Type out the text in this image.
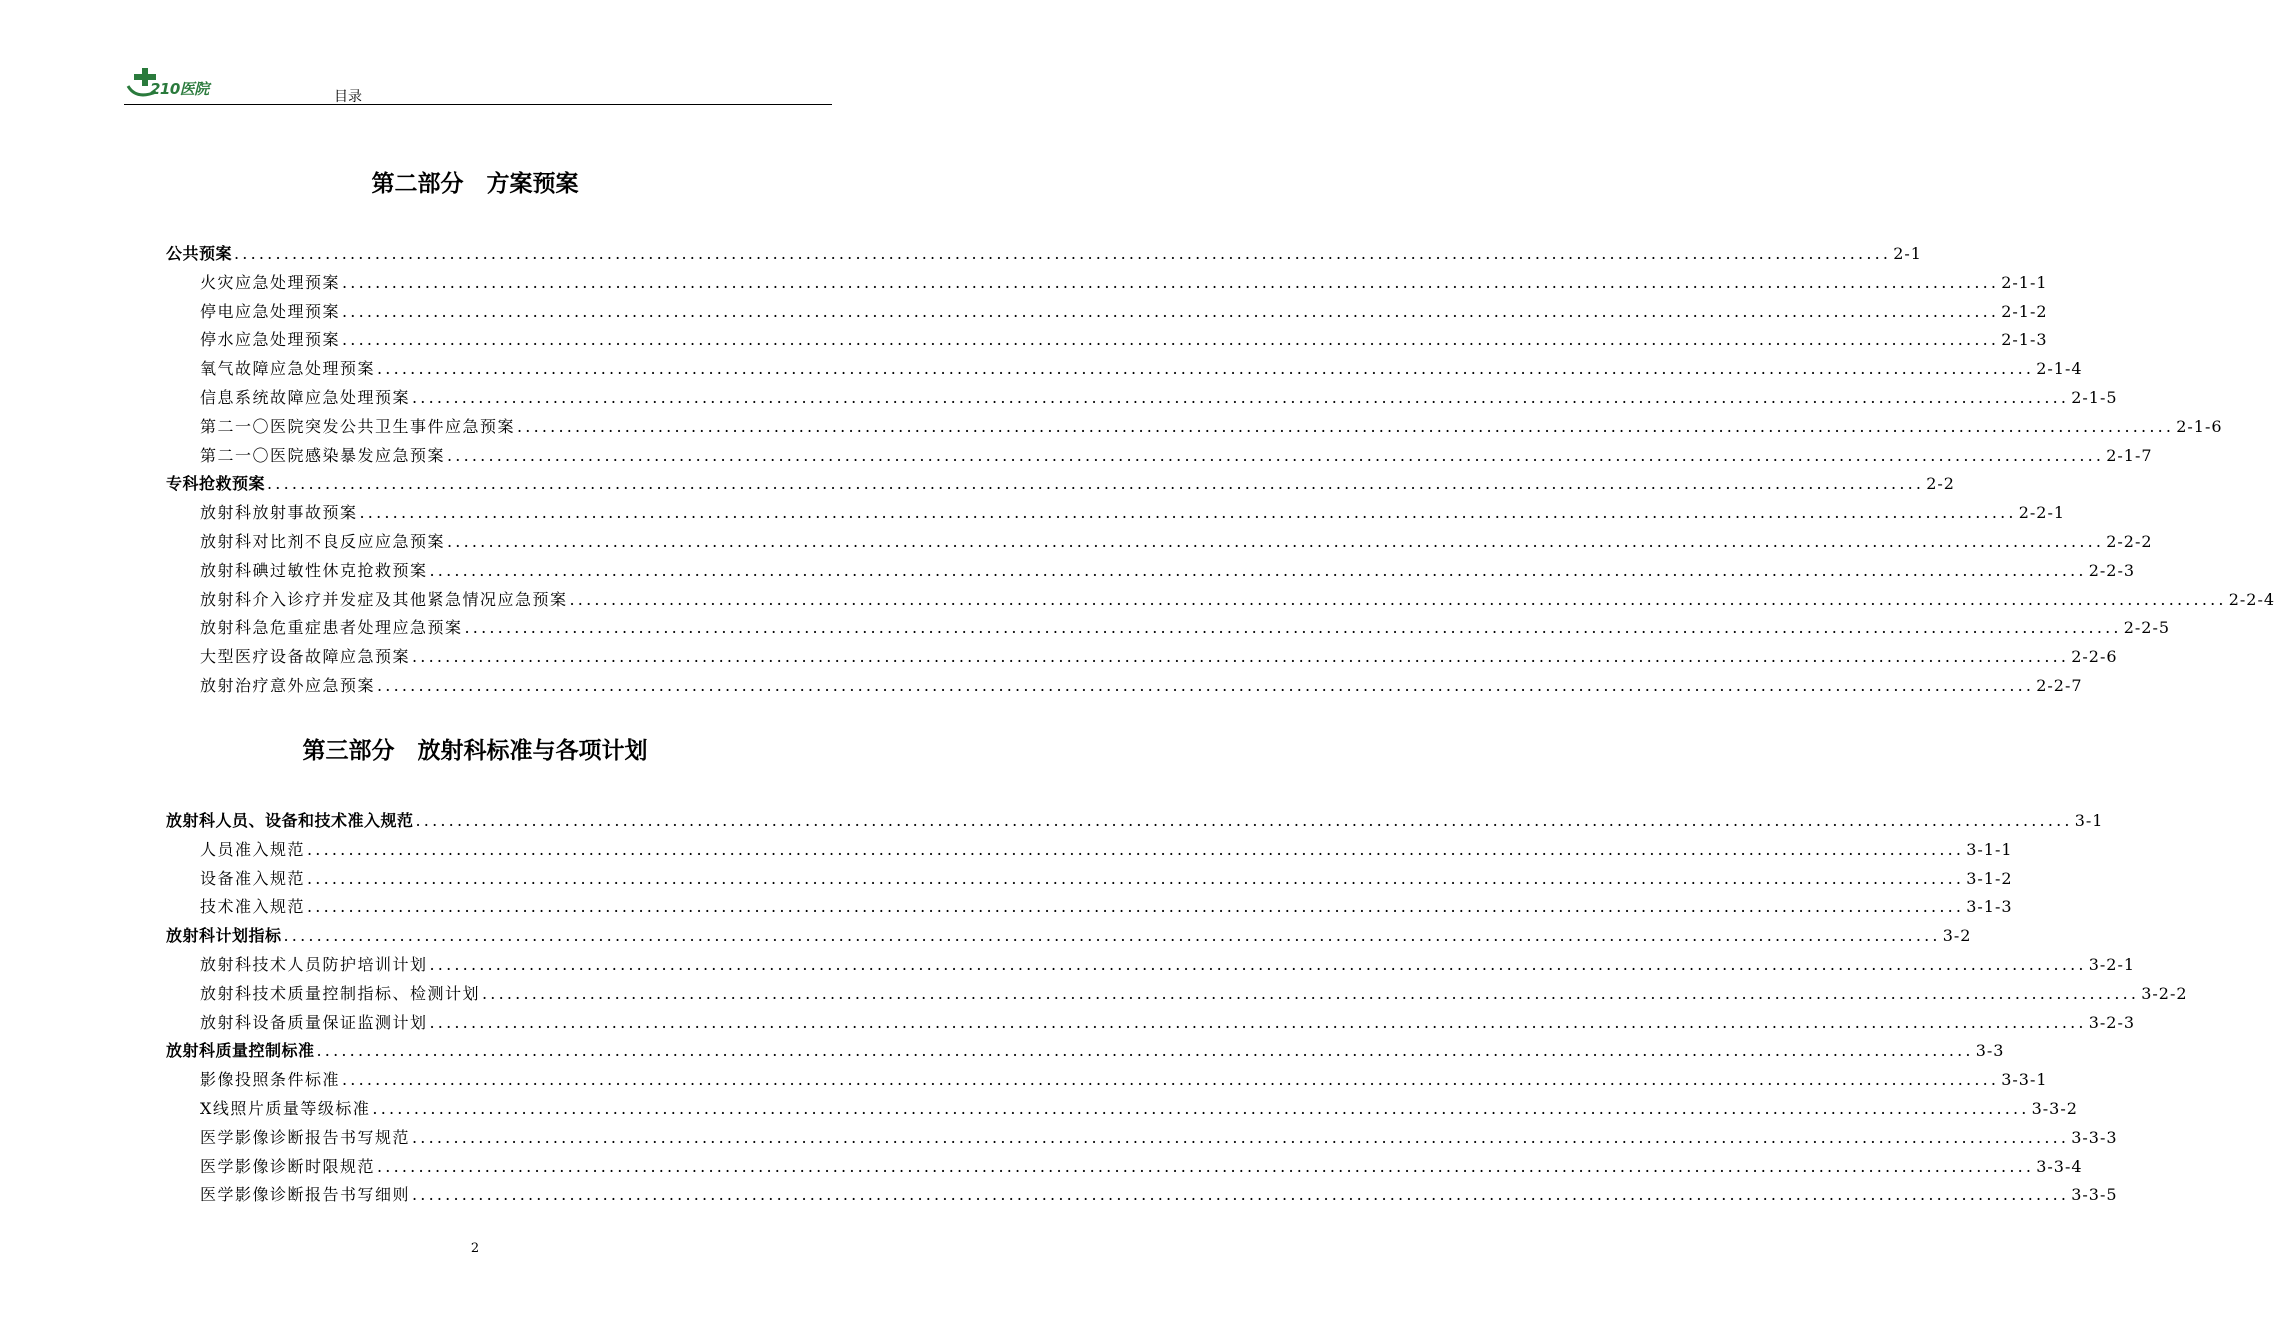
210医院	目录
第二部分　方案预案
公共预案 ........................................................................................................................................................................................................ 2-1
火灾应急处理预案 ........................................................................................................................................................................................................ 2-1-1
停电应急处理预案 ........................................................................................................................................................................................................ 2-1-2
停水应急处理预案 ........................................................................................................................................................................................................ 2-1-3
氧气故障应急处理预案 ........................................................................................................................................................................................................ 2-1-4
信息系统故障应急处理预案 ........................................................................................................................................................................................................ 2-1-5
第二一〇医院突发公共卫生事件应急预案 ........................................................................................................................................................................................................ 2-1-6
第二一〇医院感染暴发应急预案 ........................................................................................................................................................................................................ 2-1-7
专科抢救预案 ........................................................................................................................................................................................................ 2-2
放射科放射事故预案 ........................................................................................................................................................................................................ 2-2-1
放射科对比剂不良反应应急预案 ........................................................................................................................................................................................................ 2-2-2
放射科碘过敏性休克抢救预案 ........................................................................................................................................................................................................ 2-2-3
放射科介入诊疗并发症及其他紧急情况应急预案 ........................................................................................................................................................................................................ 2-2-4
放射科急危重症患者处理应急预案 ........................................................................................................................................................................................................ 2-2-5
大型医疗设备故障应急预案 ........................................................................................................................................................................................................ 2-2-6
放射治疗意外应急预案 ........................................................................................................................................................................................................ 2-2-7
第三部分　放射科标准与各项计划
放射科人员、设备和技术准入规范 ........................................................................................................................................................................................................ 3-1
人员准入规范 ........................................................................................................................................................................................................ 3-1-1
设备准入规范 ........................................................................................................................................................................................................ 3-1-2
技术准入规范 ........................................................................................................................................................................................................ 3-1-3
放射科计划指标 ........................................................................................................................................................................................................ 3-2
放射科技术人员防护培训计划 ........................................................................................................................................................................................................ 3-2-1
放射科技术质量控制指标、检测计划 ........................................................................................................................................................................................................ 3-2-2
放射科设备质量保证监测计划 ........................................................................................................................................................................................................ 3-2-3
放射科质量控制标准 ........................................................................................................................................................................................................ 3-3
影像投照条件标准 ........................................................................................................................................................................................................ 3-3-1
X线照片质量等级标准 ........................................................................................................................................................................................................ 3-3-2
医学影像诊断报告书写规范 ........................................................................................................................................................................................................ 3-3-3
医学影像诊断时限规范 ........................................................................................................................................................................................................ 3-3-4
医学影像诊断报告书写细则 ........................................................................................................................................................................................................ 3-3-5
2
